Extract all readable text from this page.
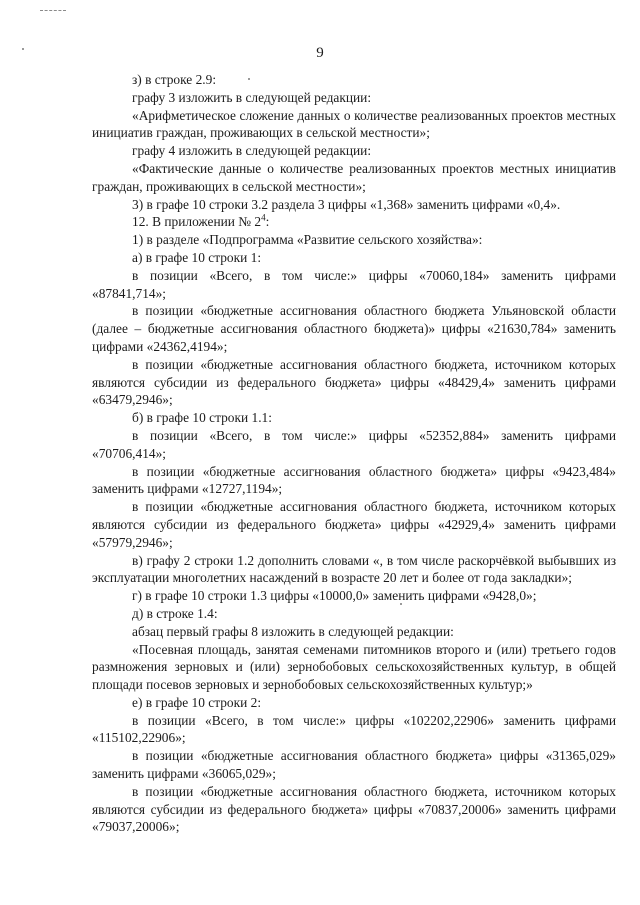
9

з) в строке 2.9:

графу 3 изложить в следующей редакции:

«Арифметическое сложение данных о количестве реализованных проектов местных инициатив граждан, проживающих в сельской местности»;

графу 4 изложить в следующей редакции:

«Фактические данные о количестве реализованных проектов местных инициатив граждан, проживающих в сельской местности»;

3) в графе 10 строки 3.2 раздела 3 цифры «1,368» заменить цифрами «0,4».

12. В приложении № $2^4$:

1) в разделе «Подпрограмма «Развитие сельского хозяйства»:

а) в графе 10 строки 1:

в позиции «Всего, в том числе:» цифры «70060,184» заменить цифрами «87841,714»;

в позиции «бюджетные ассигнования областного бюджета Ульяновской области (далее – бюджетные ассигнования областного бюджета)» цифры «21630,784» заменить цифрами «24362,4194»;

в позиции «бюджетные ассигнования областного бюджета, источником которых являются субсидии из федерального бюджета» цифры «48429,4» заменить цифрами «63479,2946»;

б) в графе 10 строки 1.1:

в позиции «Всего, в том числе:» цифры «52352,884» заменить цифрами «70706,414»;

в позиции «бюджетные ассигнования областного бюджета» цифры «9423,484» заменить цифрами «12727,1194»;

в позиции «бюджетные ассигнования областного бюджета, источником которых являются субсидии из федерального бюджета» цифры «42929,4» заменить цифрами «57979,2946»;

в) графу 2 строки 1.2 дополнить словами «, в том числе раскорчёвкой выбывших из эксплуатации многолетних насаждений в возрасте 20 лет и более от года закладки»;

г) в графе 10 строки 1.3 цифры «10000,0» заменить цифрами «9428,0»;

д) в строке 1.4:

абзац первый графы 8 изложить в следующей редакции:

«Посевная площадь, занятая семенами питомников второго и (или) третьего годов размножения зерновых и (или) зернобобовых сельскохозяйственных культур, в общей площади посевов зерновых и зернобобовых сельскохозяйственных культур;»

е) в графе 10 строки 2:

в позиции «Всего, в том числе:» цифры «102202,22906» заменить цифрами «115102,22906»;

в позиции «бюджетные ассигнования областного бюджета» цифры «31365,029» заменить цифрами «36065,029»;

в позиции «бюджетные ассигнования областного бюджета, источником которых являются субсидии из федерального бюджета» цифры «70837,20006» заменить цифрами «79037,20006»;
